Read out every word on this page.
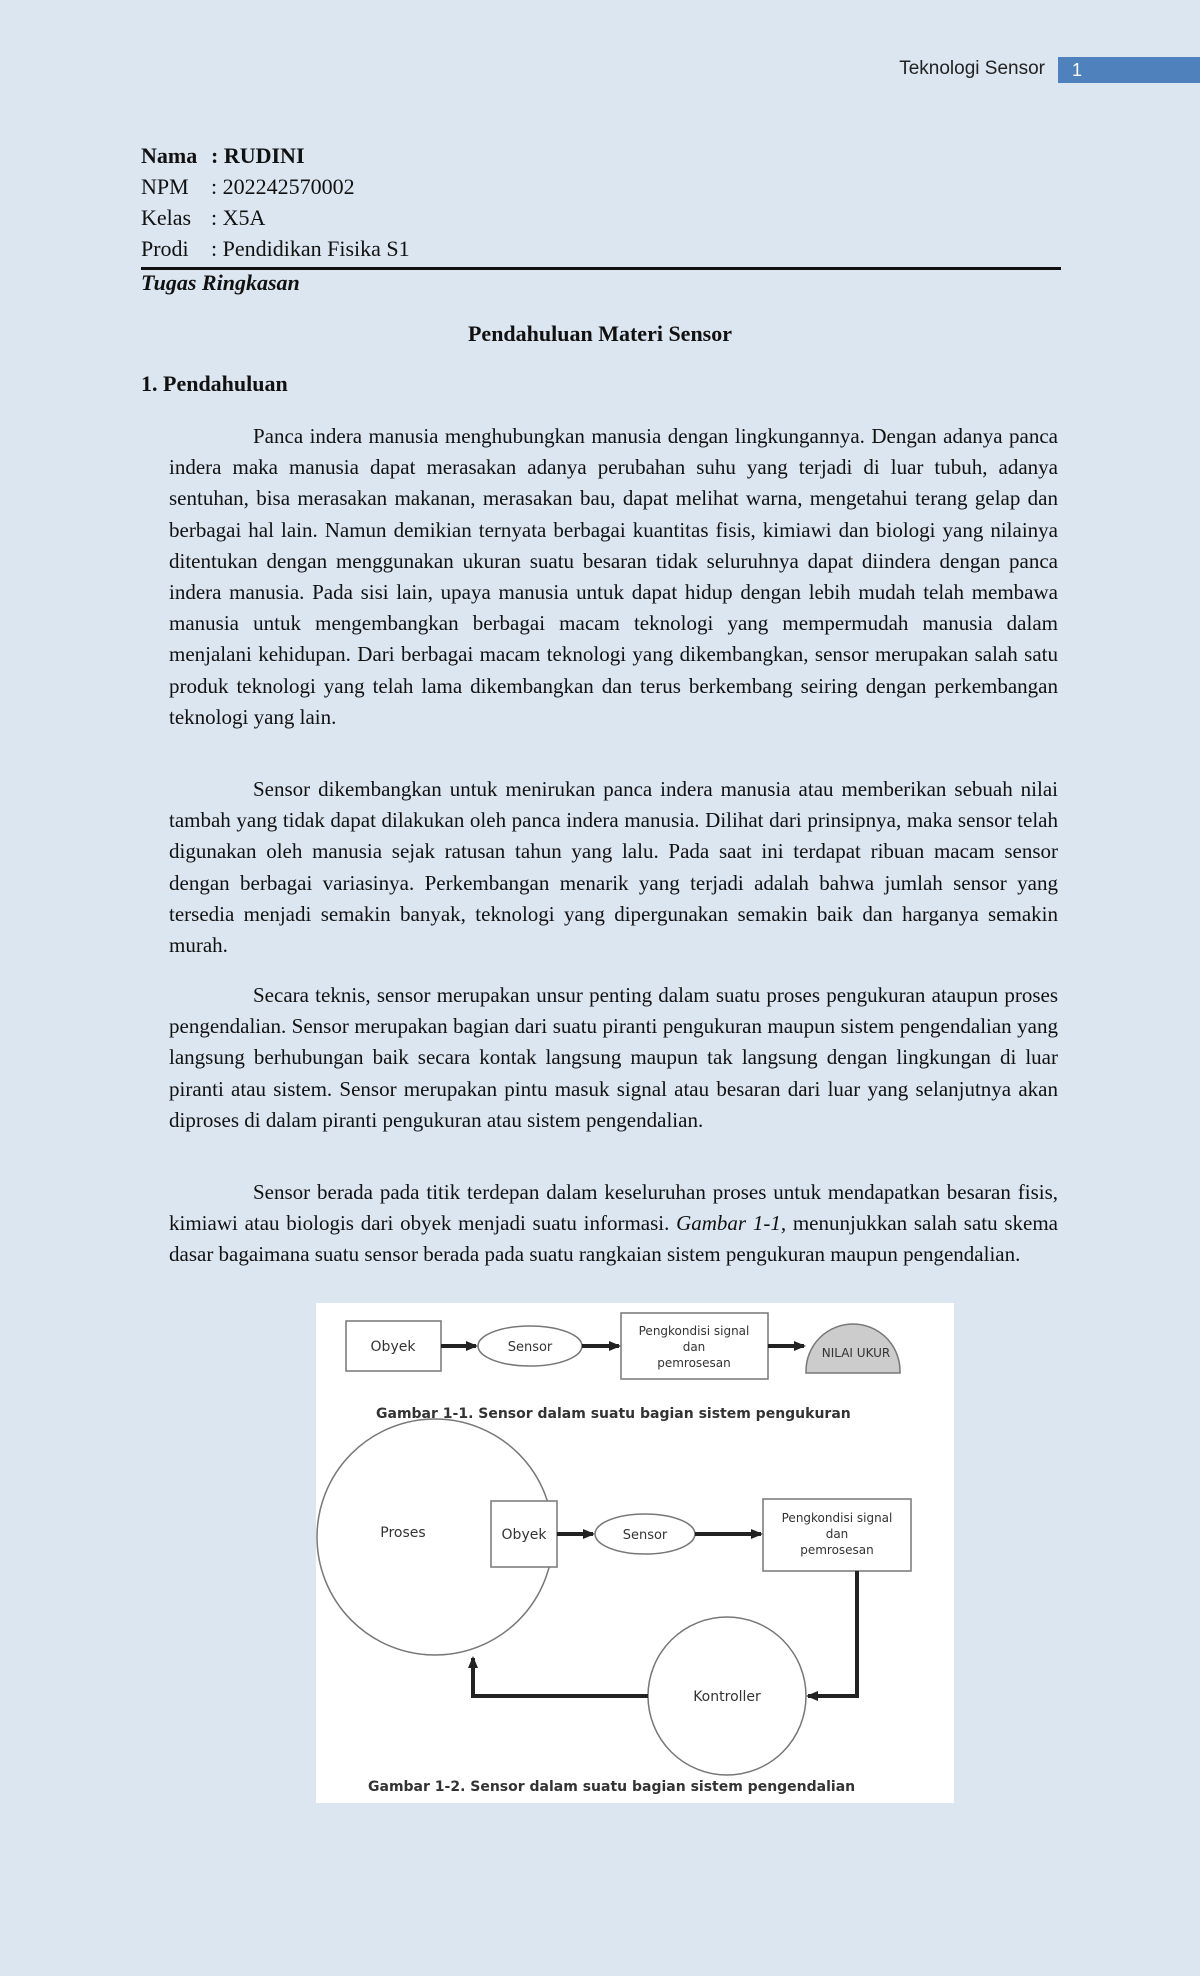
Teknologi Sensor	1
Nama : RUDINI
NPM	: 202242570002
Kelas : X5A
Prodi	: Pendidikan Fisika S1
Tugas Ringkasan
Pendahuluan Materi Sensor
1. Pendahuluan

Panca indera manusia menghubungkan manusia dengan lingkungannya. Dengan adanya panca indera maka manusia dapat merasakan adanya perubahan suhu yang terjadi di luar tubuh, adanya sentuhan, bisa merasakan makanan, merasakan bau, dapat melihat warna, mengetahui terang gelap dan berbagai hal lain. Namun demikian ternyata berbagai kuantitas fisis, kimiawi dan biologi yang nilainya ditentukan dengan menggunakan ukuran suatu besaran tidak seluruhnya dapat diindera dengan panca indera manusia. Pada sisi lain, upaya manusia untuk dapat hidup dengan lebih mudah telah membawa manusia untuk mengembangkan berbagai macam teknologi yang mempermudah manusia dalam menjalani kehidupan. Dari berbagai macam teknologi yang dikembangkan, sensor merupakan salah satu produk teknologi yang telah lama dikembangkan dan terus berkembang seiring dengan perkembangan teknologi yang lain.

Sensor dikembangkan untuk menirukan panca indera manusia atau memberikan sebuah nilai tambah yang tidak dapat dilakukan oleh panca indera manusia. Dilihat dari prinsipnya, maka sensor telah digunakan oleh manusia sejak ratusan tahun yang lalu. Pada saat ini terdapat ribuan macam sensor dengan berbagai variasinya. Perkembangan menarik yang terjadi adalah bahwa jumlah sensor yang tersedia menjadi semakin banyak, teknologi yang dipergunakan semakin baik dan harganya semakin murah.

Secara teknis, sensor merupakan unsur penting dalam suatu proses pengukuran ataupun proses pengendalian. Sensor merupakan bagian dari suatu piranti pengukuran maupun sistem pengendalian yang langsung berhubungan baik secara kontak langsung maupun tak langsung dengan lingkungan di luar piranti atau sistem. Sensor merupakan pintu masuk signal atau besaran dari luar yang selanjutnya akan diproses di dalam piranti pengukuran atau sistem pengendalian.

Sensor berada pada titik terdepan dalam keseluruhan proses untuk mendapatkan besaran fisis, kimiawi atau biologis dari obyek menjadi suatu informasi. Gambar 1-1, menunjukkan salah satu skema dasar bagaimana suatu sensor berada pada suatu rangkaian sistem pengukuran maupun pengendalian.

Obyek	Sensor
Pengkondisi signal
dan
pemrosesan
NILAI UKUR
Gambar 1-1. Sensor dalam suatu bagian sistem pengukuran
Proses	Obyek	Sensor
Pengkondisi signal
dan
pemrosesan
Kontroller
Gambar 1-2. Sensor dalam suatu bagian sistem pengendalian
